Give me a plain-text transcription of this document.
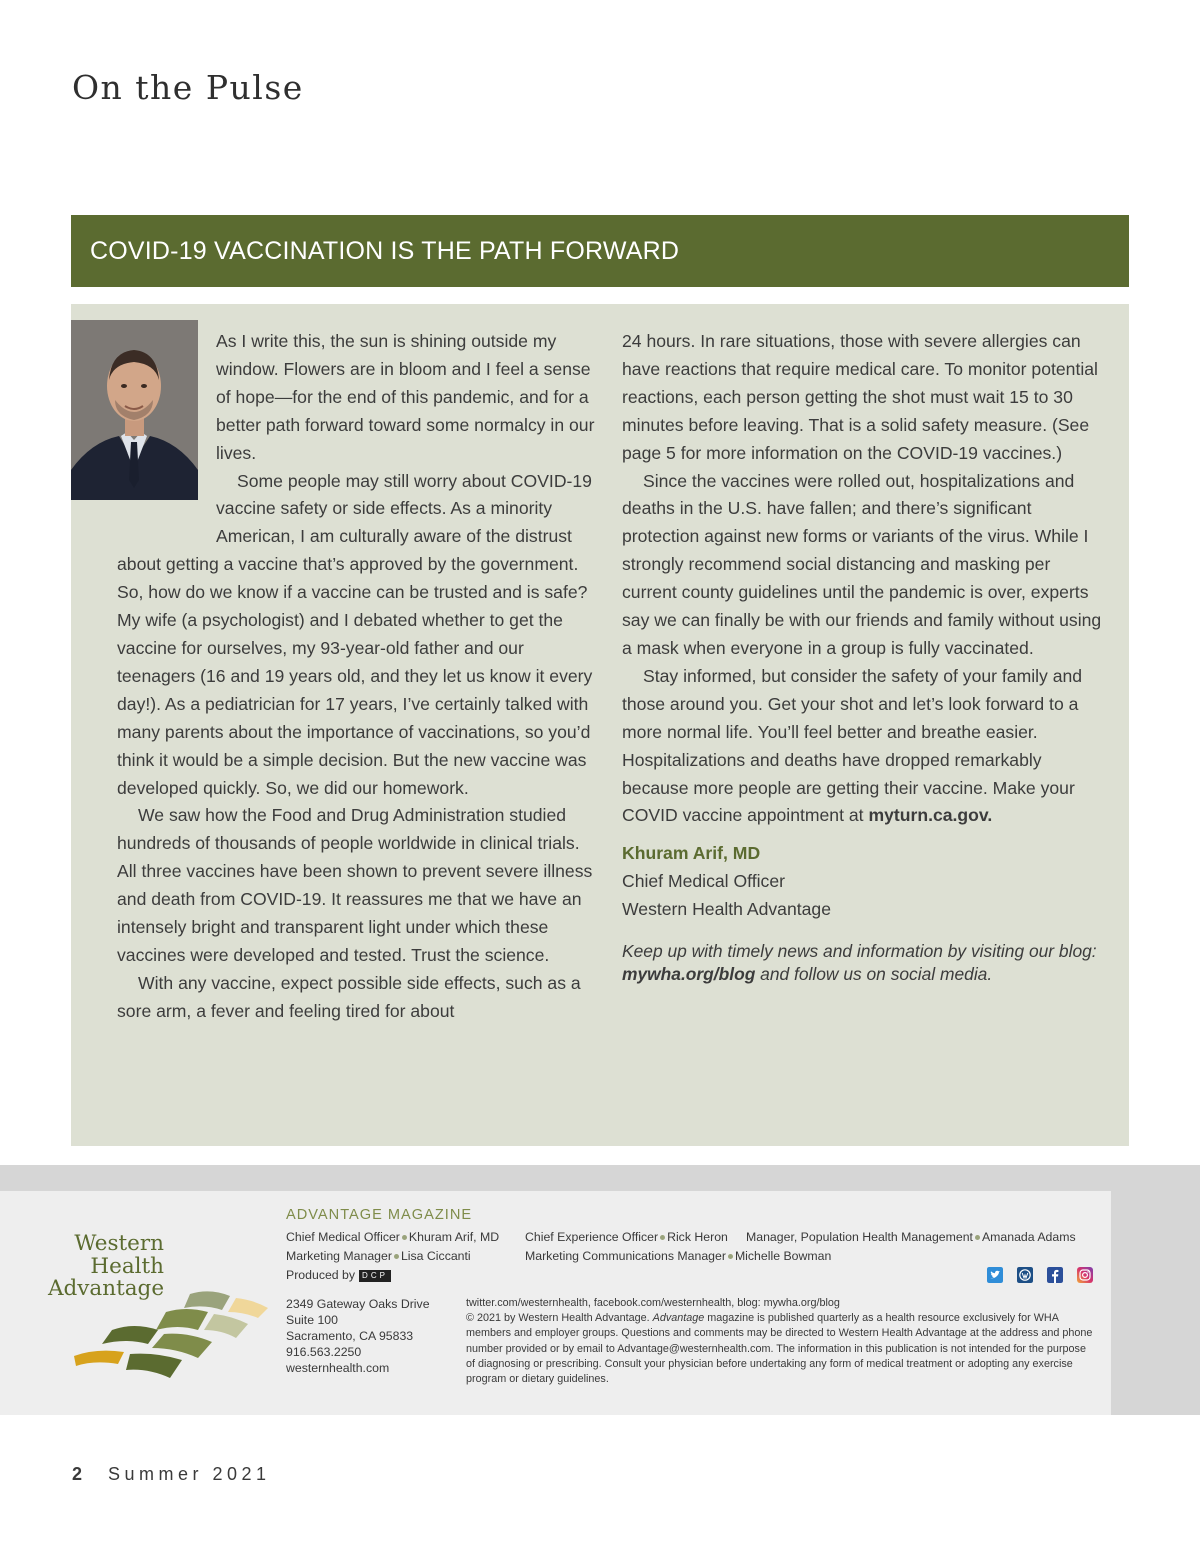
On the Pulse
COVID-19 VACCINATION IS THE PATH FORWARD

As I write this, the sun is shining outside my window. Flowers are in bloom and I feel a sense of hope—for the end of this pandemic, and for a better path forward toward some normalcy in our lives.

Some people may still worry about COVID-19 vaccine safety or side effects. As a minority American, I am culturally aware of the distrust about getting a vaccine that’s approved by the government. So, how do we know if a vaccine can be trusted and is safe? My wife (a psychologist) and I debated whether to get the vaccine for ourselves, my 93-year-old father and our teenagers (16 and 19 years old, and they let us know it every day!). As a pediatrician for 17 years, I’ve certainly talked with many parents about the importance of vaccinations, so you’d think it would be a simple decision. But the new vaccine was developed quickly. So, we did our homework.

We saw how the Food and Drug Administration studied hundreds of thousands of people worldwide in clinical trials. All three vaccines have been shown to prevent severe illness and death from COVID-19. It reassures me that we have an intensely bright and transparent light under which these vaccines were developed and tested. Trust the science.

With any vaccine, expect possible side effects, such as a sore arm, a fever and feeling tired for about

24 hours. In rare situations, those with severe allergies can have reactions that require medical care. To monitor potential reactions, each person getting the shot must wait 15 to 30 minutes before leaving. That is a solid safety measure. (See page 5 for more information on the COVID-19 vaccines.)

Since the vaccines were rolled out, hospitalizations and deaths in the U.S. have fallen; and there’s significant protection against new forms or variants of the virus. While I strongly recommend social distancing and masking per current county guidelines until the pandemic is over, experts say we can finally be with our friends and family without using a mask when everyone in a group is fully vaccinated.

Stay informed, but consider the safety of your family and those around you. Get your shot and let’s look forward to a more normal life. You’ll feel better and breathe easier. Hospitalizations and deaths have dropped remarkably because more people are getting their vaccine. Make your COVID vaccine appointment at myturn.ca.gov.

Khuram Arif, MD
Chief Medical Officer
Western Health Advantage
Keep up with timely news and information by visiting our blog: mywha.org/blog and follow us on social media.
Western
Health
Advantage
ADVANTAGE MAGAZINE
Chief Medical Officer Khuram Arif, MD Chief Experience Officer Rick Heron Manager, Population Health Management Amanada Adams
Marketing Manager Lisa Ciccanti	Marketing Communications Manager Michelle Bowman
Produced by DCP
2349 Gateway Oaks Drive
Suite 100
Sacramento, CA 95833
916.563.2250
westernhealth.com
twitter.com/westernhealth, facebook.com/westernhealth, blog: mywha.org/blog
© 2021 by Western Health Advantage. Advantage magazine is published quarterly as a health resource exclusively for WHA members and employer groups. Questions and comments may be directed to Western Health Advantage at the address and phone number provided or by email to Advantage@westernhealth.com. The information in this publication is not intended for the purpose of diagnosing or prescribing. Consult your physician before undertaking any form of medical treatment or adopting any exercise program or dietary guidelines.
2 Summer 2021
